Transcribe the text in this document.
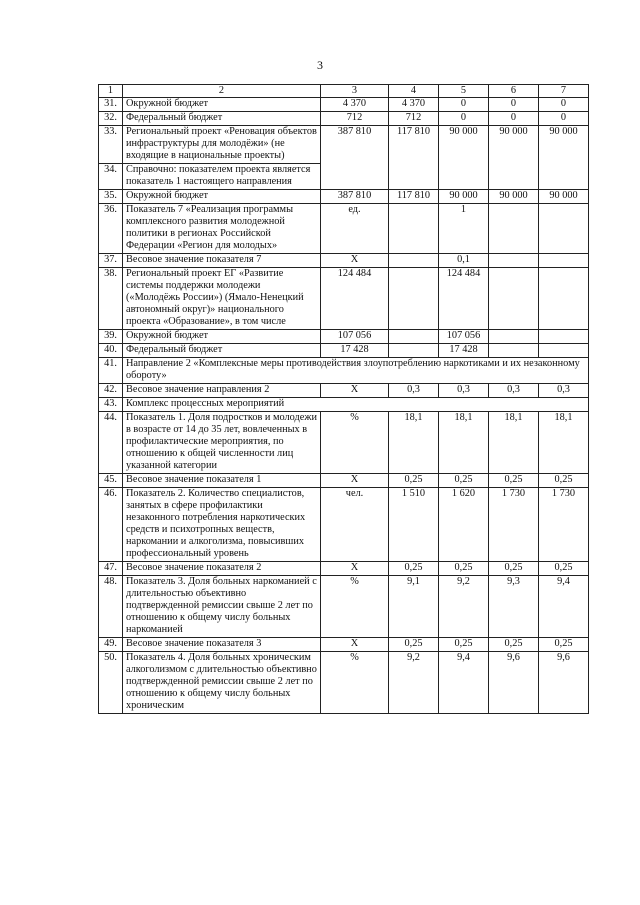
3
1	2	3	4	5	6	7
31.	Окружной бюджет	4 370	4 370	0	0	0
32.	Федеральный бюджет	712	712	0	0	0
33.	Региональный проект «Реновация объектов инфраструктуры для молодёжи» (не входящие в национальные проекты)	387 810	117 810	90 000	90 000	90 000
34.	Справочно: показателем проекта является показатель 1 настоящего направления					
35.	Окружной бюджет	387 810	117 810	90 000	90 000	90 000
36.	Показатель 7 «Реализация программы комплексного развития молодежной политики в регионах Российской Федерации «Регион для молодых»	ед.		1		
37.	Весовое значение показателя 7	Х		0,1		
38.	Региональный проект ЕГ «Развитие системы поддержки молодежи («Молодёжь России») (Ямало-Ненецкий автономный округ)» национального проекта «Образование», в том числе	124 484		124 484		
39.	Окружной бюджет	107 056		107 056		
40.	Федеральный бюджет	17 428		17 428		
41.	Направление 2 «Комплексные меры противодействия злоупотреблению наркотиками и их незаконному обороту»					
42.	Весовое значение направления 2	Х	0,3	0,3	0,3	0,3
43.	Комплекс процессных мероприятий					
44.	Показатель 1. Доля подростков и молодежи в возрасте от 14 до 35 лет, вовлеченных в профилактические мероприятия, по отношению к общей численности лиц указанной категории	%	18,1	18,1	18,1	18,1
45.	Весовое значение показателя 1	Х	0,25	0,25	0,25	0,25
46.	Показатель 2. Количество специалистов, занятых в сфере профилактики незаконного потребления наркотических средств и психотропных веществ, наркомании и алкоголизма, повысивших профессиональный уровень	чел.	1 510	1 620	1 730	1 730
47.	Весовое значение показателя 2	Х	0,25	0,25	0,25	0,25
48.	Показатель 3. Доля больных наркоманией с длительностью объективно подтвержденной ремиссии свыше 2 лет по отношению к общему числу больных наркоманией	%	9,1	9,2	9,3	9,4
49.	Весовое значение показателя 3	Х	0,25	0,25	0,25	0,25
50.	Показатель 4. Доля больных хроническим алкоголизмом с длительностью объективно подтвержденной ремиссии свыше 2 лет по отношению к общему числу больных хроническим	%	9,2	9,4	9,6	9,6
